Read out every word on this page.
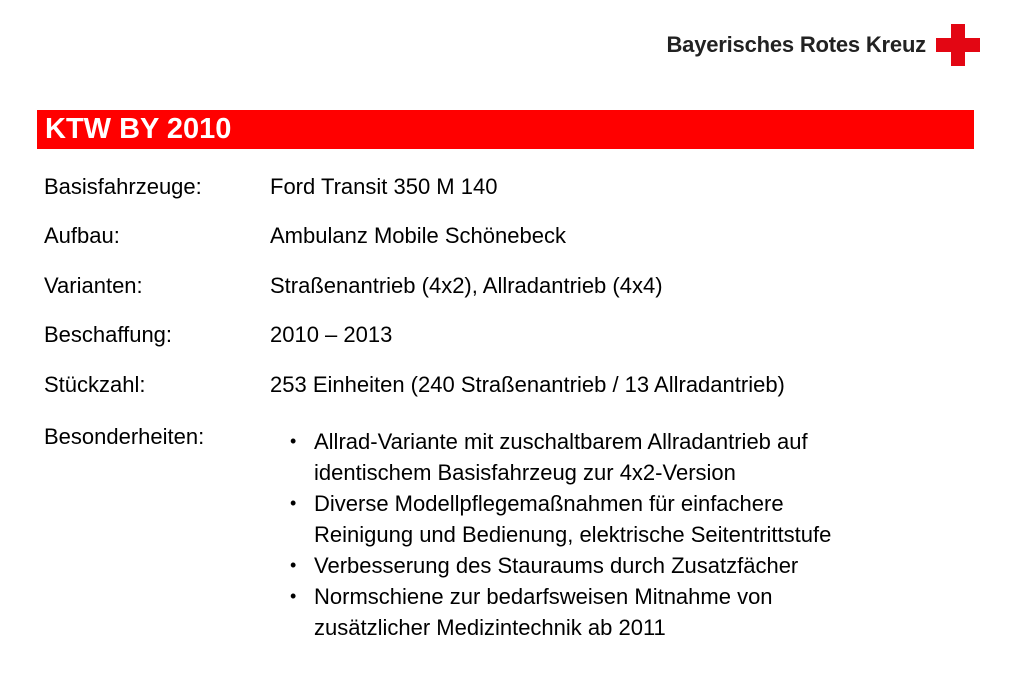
Bayerisches Rotes Kreuz
KTW BY 2010
Basisfahrzeuge:	Ford Transit 350 M 140
Aufbau:	Ambulanz Mobile Schönebeck
Varianten:	Straßenantrieb (4x2), Allradantrieb (4x4)
Beschaffung:	2010 – 2013
Stückzahl:	253 Einheiten (240 Straßenantrieb / 13 Allradantrieb)
Besonderheiten:	• Allrad-Variante mit zuschaltbarem Allradantrieb auf
identischem Basisfahrzeug zur 4x2-Version
• Diverse Modellpflegemaßnahmen für einfachere
Reinigung und Bedienung, elektrische Seitentrittstufe
• Verbesserung des Stauraums durch Zusatzfächer
• Normschiene zur bedarfsweisen Mitnahme von
zusätzlicher Medizintechnik ab 2011
